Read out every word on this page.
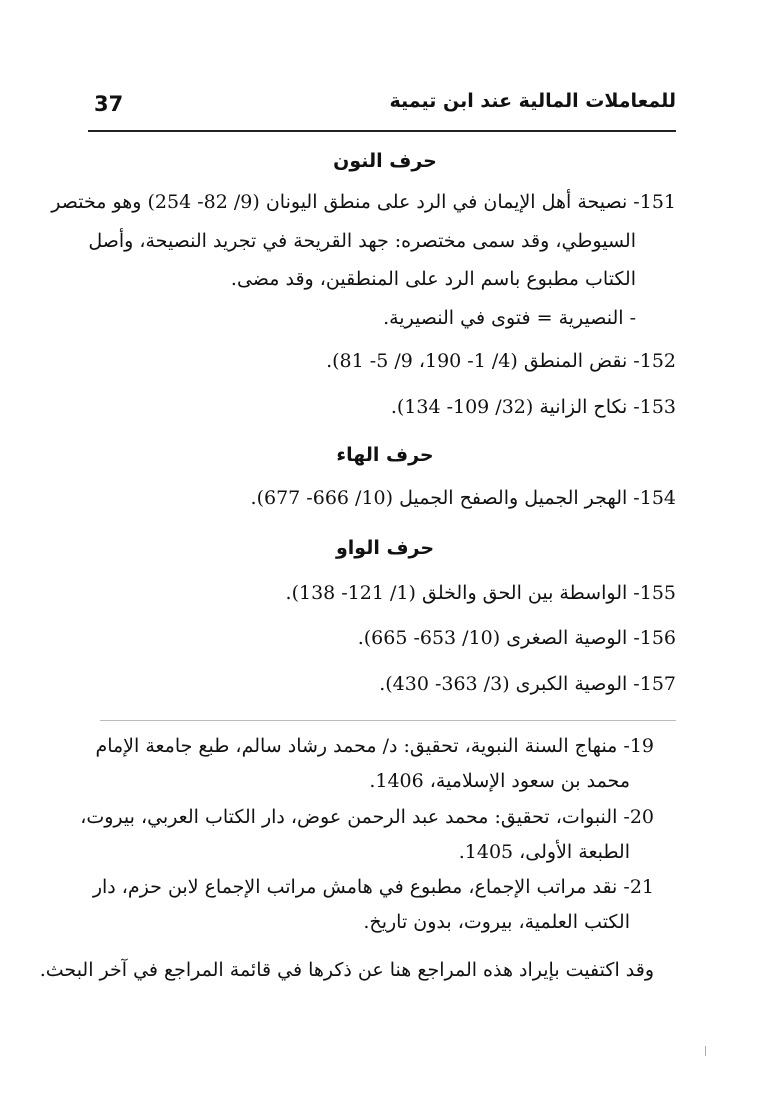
للمعاملات المالية عند ابن تيمية
37
حرف النون
151- نصيحة أهل الإيمان في الرد على منطق اليونان (9/ 82- 254) وهو مختصر
السيوطي، وقد سمى مختصره: جهد القريحة في تجريد النصيحة، وأصل
الكتاب مطبوع باسم الرد على المنطقين، وقد مضى.
- النصيرية = فتوى في النصيرية.
152- نقض المنطق (4/ 1- 190، 9/ 5- 81).
153- نكاح الزانية (32/ 109- 134).
حرف الهاء
154- الهجر الجميل والصفح الجميل (10/ 666- 677).
حرف الواو
155- الواسطة بين الحق والخلق (1/ 121- 138).
156- الوصية الصغرى (10/ 653- 665).
157- الوصية الكبرى (3/ 363- 430).
19- منهاج السنة النبوية، تحقيق: د/ محمد رشاد سالم، طبع جامعة الإمام
محمد بن سعود الإسلامية، 1406.
20- النبوات، تحقيق: محمد عبد الرحمن عوض، دار الكتاب العربي، بيروت،
الطبعة الأولى، 1405.
21- نقد مراتب الإجماع، مطبوع في هامش مراتب الإجماع لابن حزم، دار
الكتب العلمية، بيروت، بدون تاريخ.
وقد اكتفيت بإيراد هذه المراجع هنا عن ذكرها في قائمة المراجع في آخر البحث.
